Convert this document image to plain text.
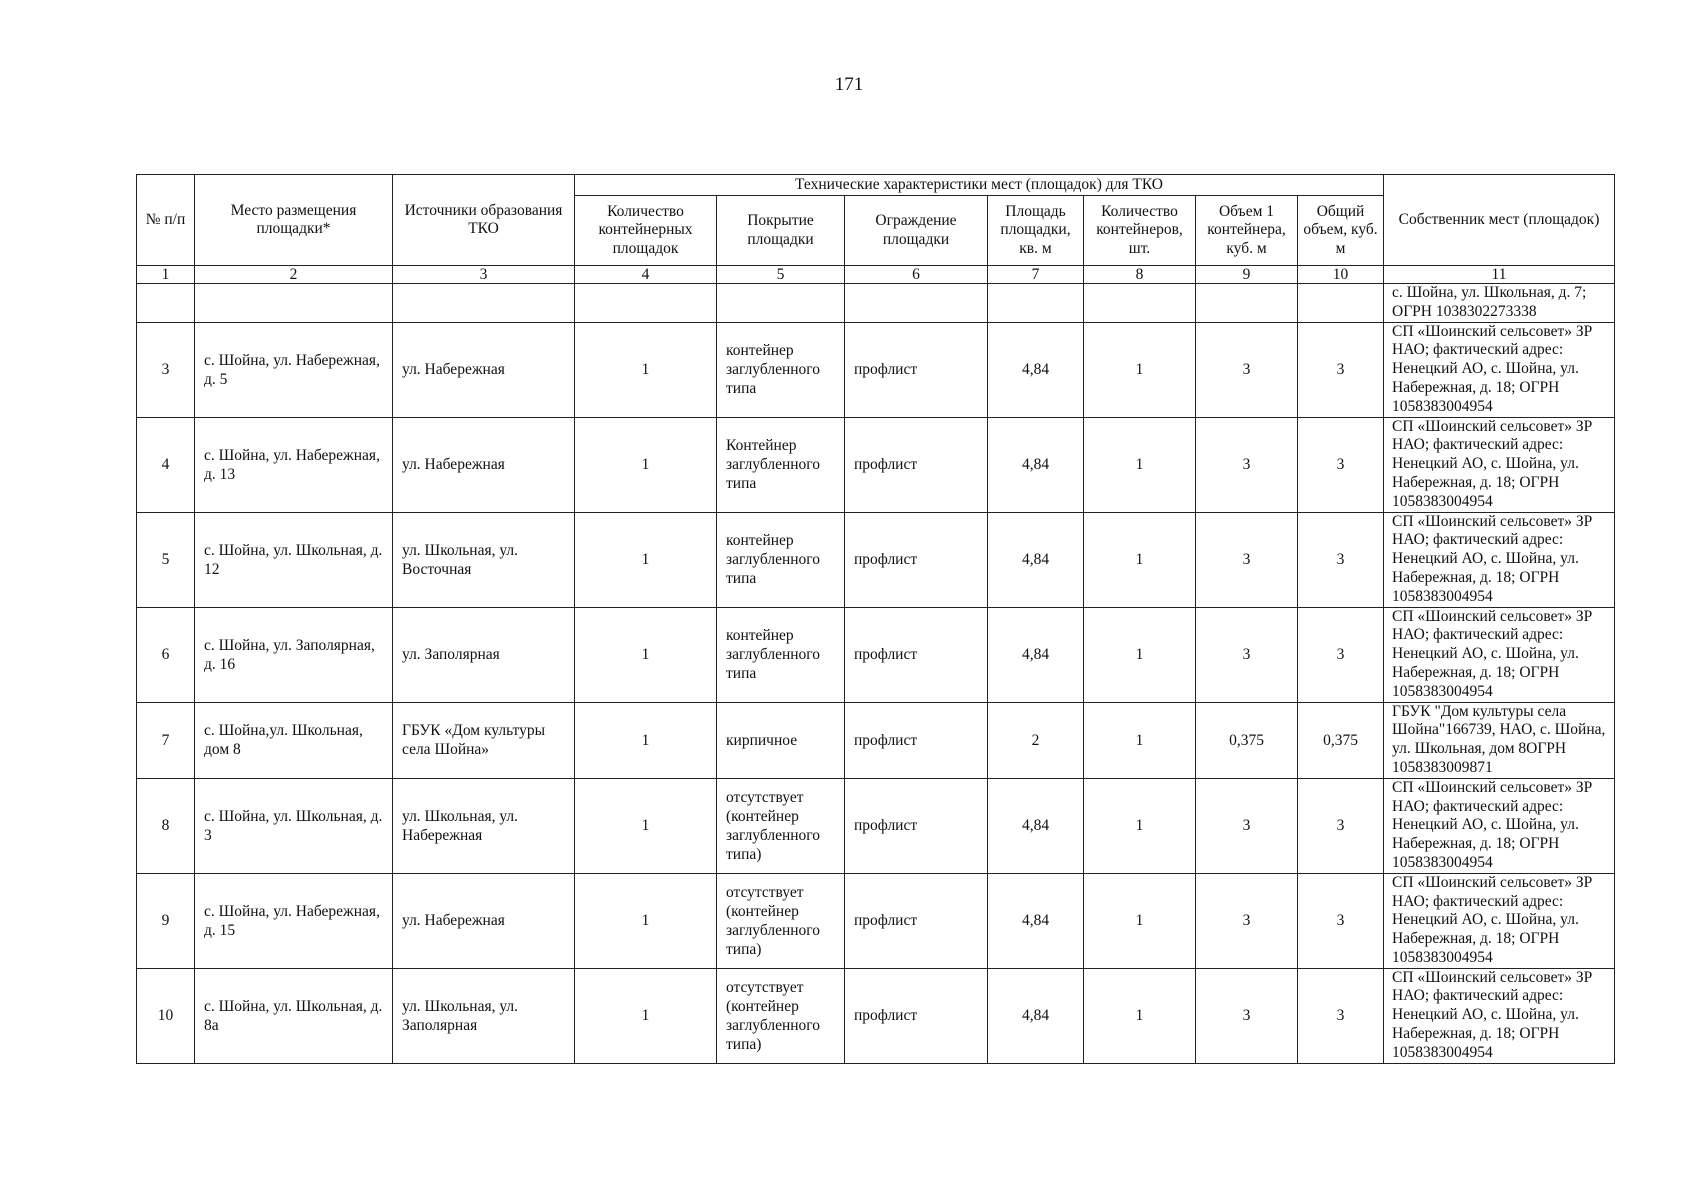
171
№ п/п	Место размещения площадки*	Источники образования ТКО	Технические характеристики мест (площадок) для ТКО							Собственник мест (площадок)
			Количество контейнерных площадок	Покрытие площадки	Ограждение площадки	Площадь площадки, кв. м	Количество контейнеров, шт.	Объем 1 контейнера, куб. м	Общий объем, куб. м	
1	2	3	4	5	6	7	8	9	10	11
										с. Шойна, ул. Школьная, д. 7; ОГРН 1038302273338
3	с. Шойна, ул. Набережная, д. 5	ул. Набережная	1	контейнер заглубленного типа	профлист	4,84	1	3	3	СП «Шоинский сельсовет» ЗР НАО; фактический адрес: Ненецкий АО, с. Шойна, ул. Набережная, д. 18; ОГРН 1058383004954
4	с. Шойна, ул. Набережная, д. 13	ул. Набережная	1	Контейнер заглубленного типа	профлист	4,84	1	3	3	СП «Шоинский сельсовет» ЗР НАО; фактический адрес: Ненецкий АО, с. Шойна, ул. Набережная, д. 18; ОГРН 1058383004954
5	с. Шойна, ул. Школьная, д. 12	ул. Школьная, ул. Восточная	1	контейнер заглубленного типа	профлист	4,84	1	3	3	СП «Шоинский сельсовет» ЗР НАО; фактический адрес: Ненецкий АО, с. Шойна, ул. Набережная, д. 18; ОГРН 1058383004954
6	с. Шойна, ул. Заполярная, д. 16	ул. Заполярная	1	контейнер заглубленного типа	профлист	4,84	1	3	3	СП «Шоинский сельсовет» ЗР НАО; фактический адрес: Ненецкий АО, с. Шойна, ул. Набережная, д. 18; ОГРН 1058383004954
7	с. Шойна,ул. Школьная, дом 8	ГБУК «Дом культуры села Шойна»	1	кирпичное	профлист	2	1	0,375	0,375	ГБУК "Дом культуры села Шойна"166739, НАО, с. Шойна, ул. Школьная, дом 8ОГРН 1058383009871
8	с. Шойна, ул. Школьная, д. 3	ул. Школьная, ул. Набережная	1	отсутствует (контейнер заглубленного типа)	профлист	4,84	1	3	3	СП «Шоинский сельсовет» ЗР НАО; фактический адрес: Ненецкий АО, с. Шойна, ул. Набережная, д. 18; ОГРН 1058383004954
9	с. Шойна, ул. Набережная, д. 15	ул. Набережная	1	отсутствует (контейнер заглубленного типа)	профлист	4,84	1	3	3	СП «Шоинский сельсовет» ЗР НАО; фактический адрес: Ненецкий АО, с. Шойна, ул. Набережная, д. 18; ОГРН 1058383004954
10	с. Шойна, ул. Школьная, д. 8а	ул. Школьная, ул. Заполярная	1	отсутствует (контейнер заглубленного типа)	профлист	4,84	1	3	3	СП «Шоинский сельсовет» ЗР НАО; фактический адрес: Ненецкий АО, с. Шойна, ул. Набережная, д. 18; ОГРН 1058383004954
